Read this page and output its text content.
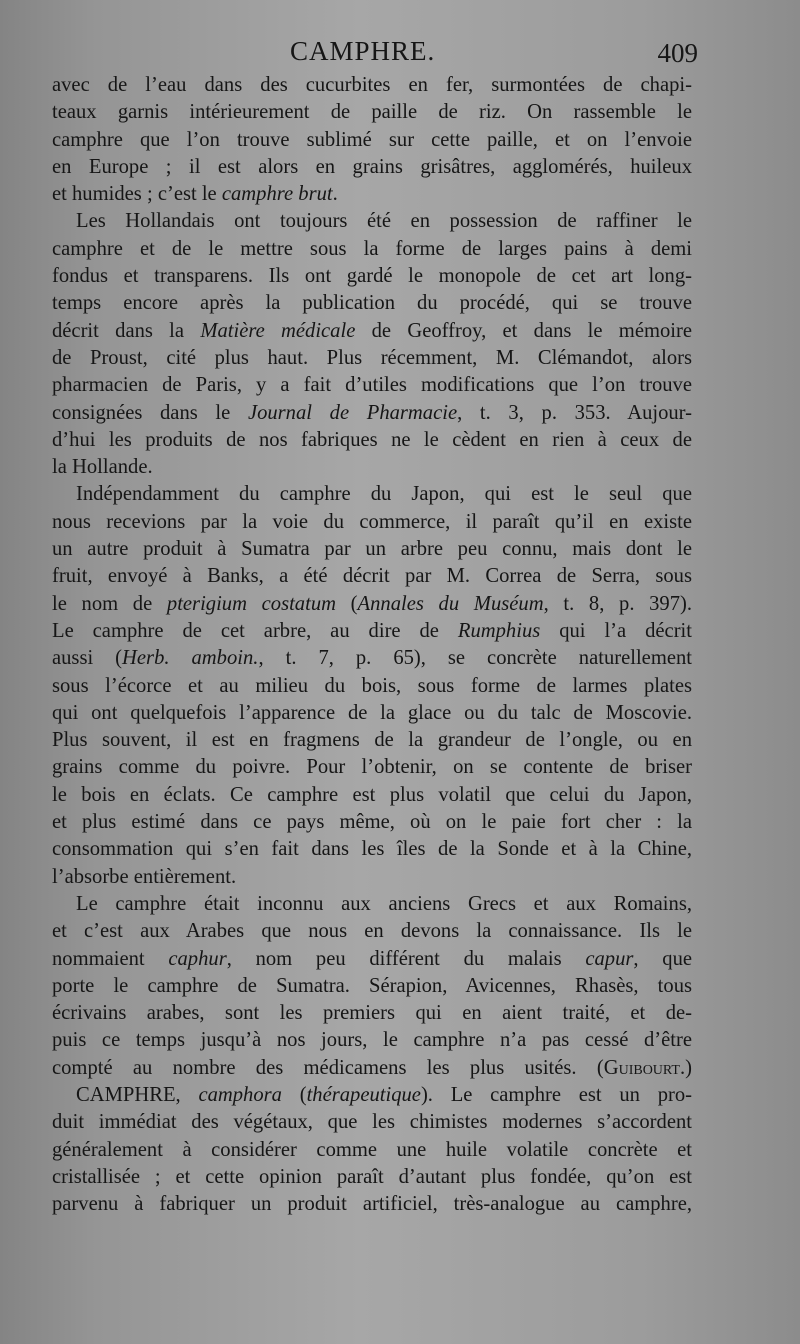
CAMPHRE.	409
avec de l’eau dans des cucurbites en fer, surmontées de chapi-
teaux garnis intérieurement de paille de riz. On rassemble le
camphre que l’on trouve sublimé sur cette paille, et on l’envoie
en Europe ; il est alors en grains grisâtres, agglomérés, huileux
et humides ; c’est le camphre brut.
Les Hollandais ont toujours été en possession de raffiner le
camphre et de le mettre sous la forme de larges pains à demi
fondus et transparens. Ils ont gardé le monopole de cet art long-
temps encore après la publication du procédé, qui se trouve
décrit dans la Matière médicale de Geoffroy, et dans le mémoire
de Proust, cité plus haut. Plus récemment, M. Clémandot, alors
pharmacien de Paris, y a fait d’utiles modifications que l’on trouve
consignées dans le Journal de Pharmacie, t. 3, p. 353. Aujour-
d’hui les produits de nos fabriques ne le cèdent en rien à ceux de
la Hollande.
Indépendamment du camphre du Japon, qui est le seul que
nous recevions par la voie du commerce, il paraît qu’il en existe
un autre produit à Sumatra par un arbre peu connu, mais dont le
fruit, envoyé à Banks, a été décrit par M. Correa de Serra, sous
le nom de pterigium costatum (Annales du Muséum, t. 8, p. 397).
Le camphre de cet arbre, au dire de Rumphius qui l’a décrit
aussi (Herb. amboin., t. 7, p. 65), se concrète naturellement
sous l’écorce et au milieu du bois, sous forme de larmes plates
qui ont quelquefois l’apparence de la glace ou du talc de Moscovie.
Plus souvent, il est en fragmens de la grandeur de l’ongle, ou en
grains comme du poivre. Pour l’obtenir, on se contente de briser
le bois en éclats. Ce camphre est plus volatil que celui du Japon,
et plus estimé dans ce pays même, où on le paie fort cher : la
consommation qui s’en fait dans les îles de la Sonde et à la Chine,
l’absorbe entièrement.
Le camphre était inconnu aux anciens Grecs et aux Romains,
et c’est aux Arabes que nous en devons la connaissance. Ils le
nommaient caphur, nom peu différent du malais capur, que
porte le camphre de Sumatra. Sérapion, Avicennes, Rhasès, tous
écrivains arabes, sont les premiers qui en aient traité, et de-
puis ce temps jusqu’à nos jours, le camphre n’a pas cessé d’être
compté au nombre des médicamens les plus usités. (Guibourt.)
CAMPHRE, camphora (thérapeutique). Le camphre est un pro-
duit immédiat des végétaux, que les chimistes modernes s’accordent
généralement à considérer comme une huile volatile concrète et
cristallisée ; et cette opinion paraît d’autant plus fondée, qu’on est
parvenu à fabriquer un produit artificiel, très-analogue au camphre,
